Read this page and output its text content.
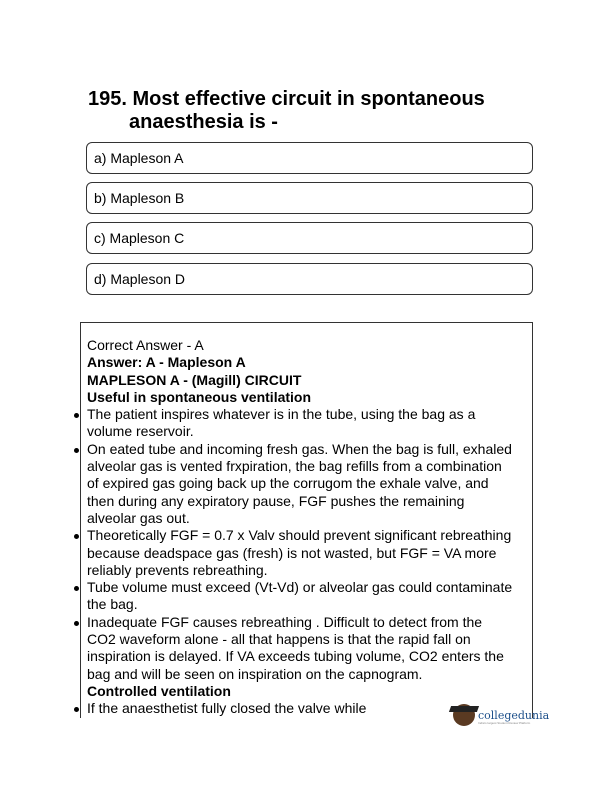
195. Most effective circuit in spontaneous
anaesthesia is -
a) Mapleson A
b) Mapleson B
c) Mapleson C
d) Mapleson D
Correct Answer - A
Answer: A - Mapleson A
MAPLESON A - (Magill) CIRCUIT
Useful in spontaneous ventilation
The patient inspires whatever is in the tube, using the bag as a
volume reservoir.
On eated tube and incoming fresh gas. When the bag is full, exhaled
alveolar gas is vented frxpiration, the bag refills from a combination
of expired gas going back up the corrugom the exhale valve, and
then during any expiratory pause, FGF pushes the remaining
alveolar gas out.
Theoretically FGF = 0.7 x Valv should prevent significant rebreathing
because deadspace gas (fresh) is not wasted, but FGF = VA more
reliably prevents rebreathing.
Tube volume must exceed (Vt-Vd) or alveolar gas could contaminate
the bag.
Inadequate FGF causes rebreathing . Difficult to detect from the
CO2 waveform alone - all that happens is that the rapid fall on
inspiration is delayed. If VA exceeds tubing volume, CO2 enters the
bag and will be seen on inspiration on the capnogram.
Controlled ventilation
If the anaesthetist fully closed the valve while	collegedunia
India's largest Student Review Platform
